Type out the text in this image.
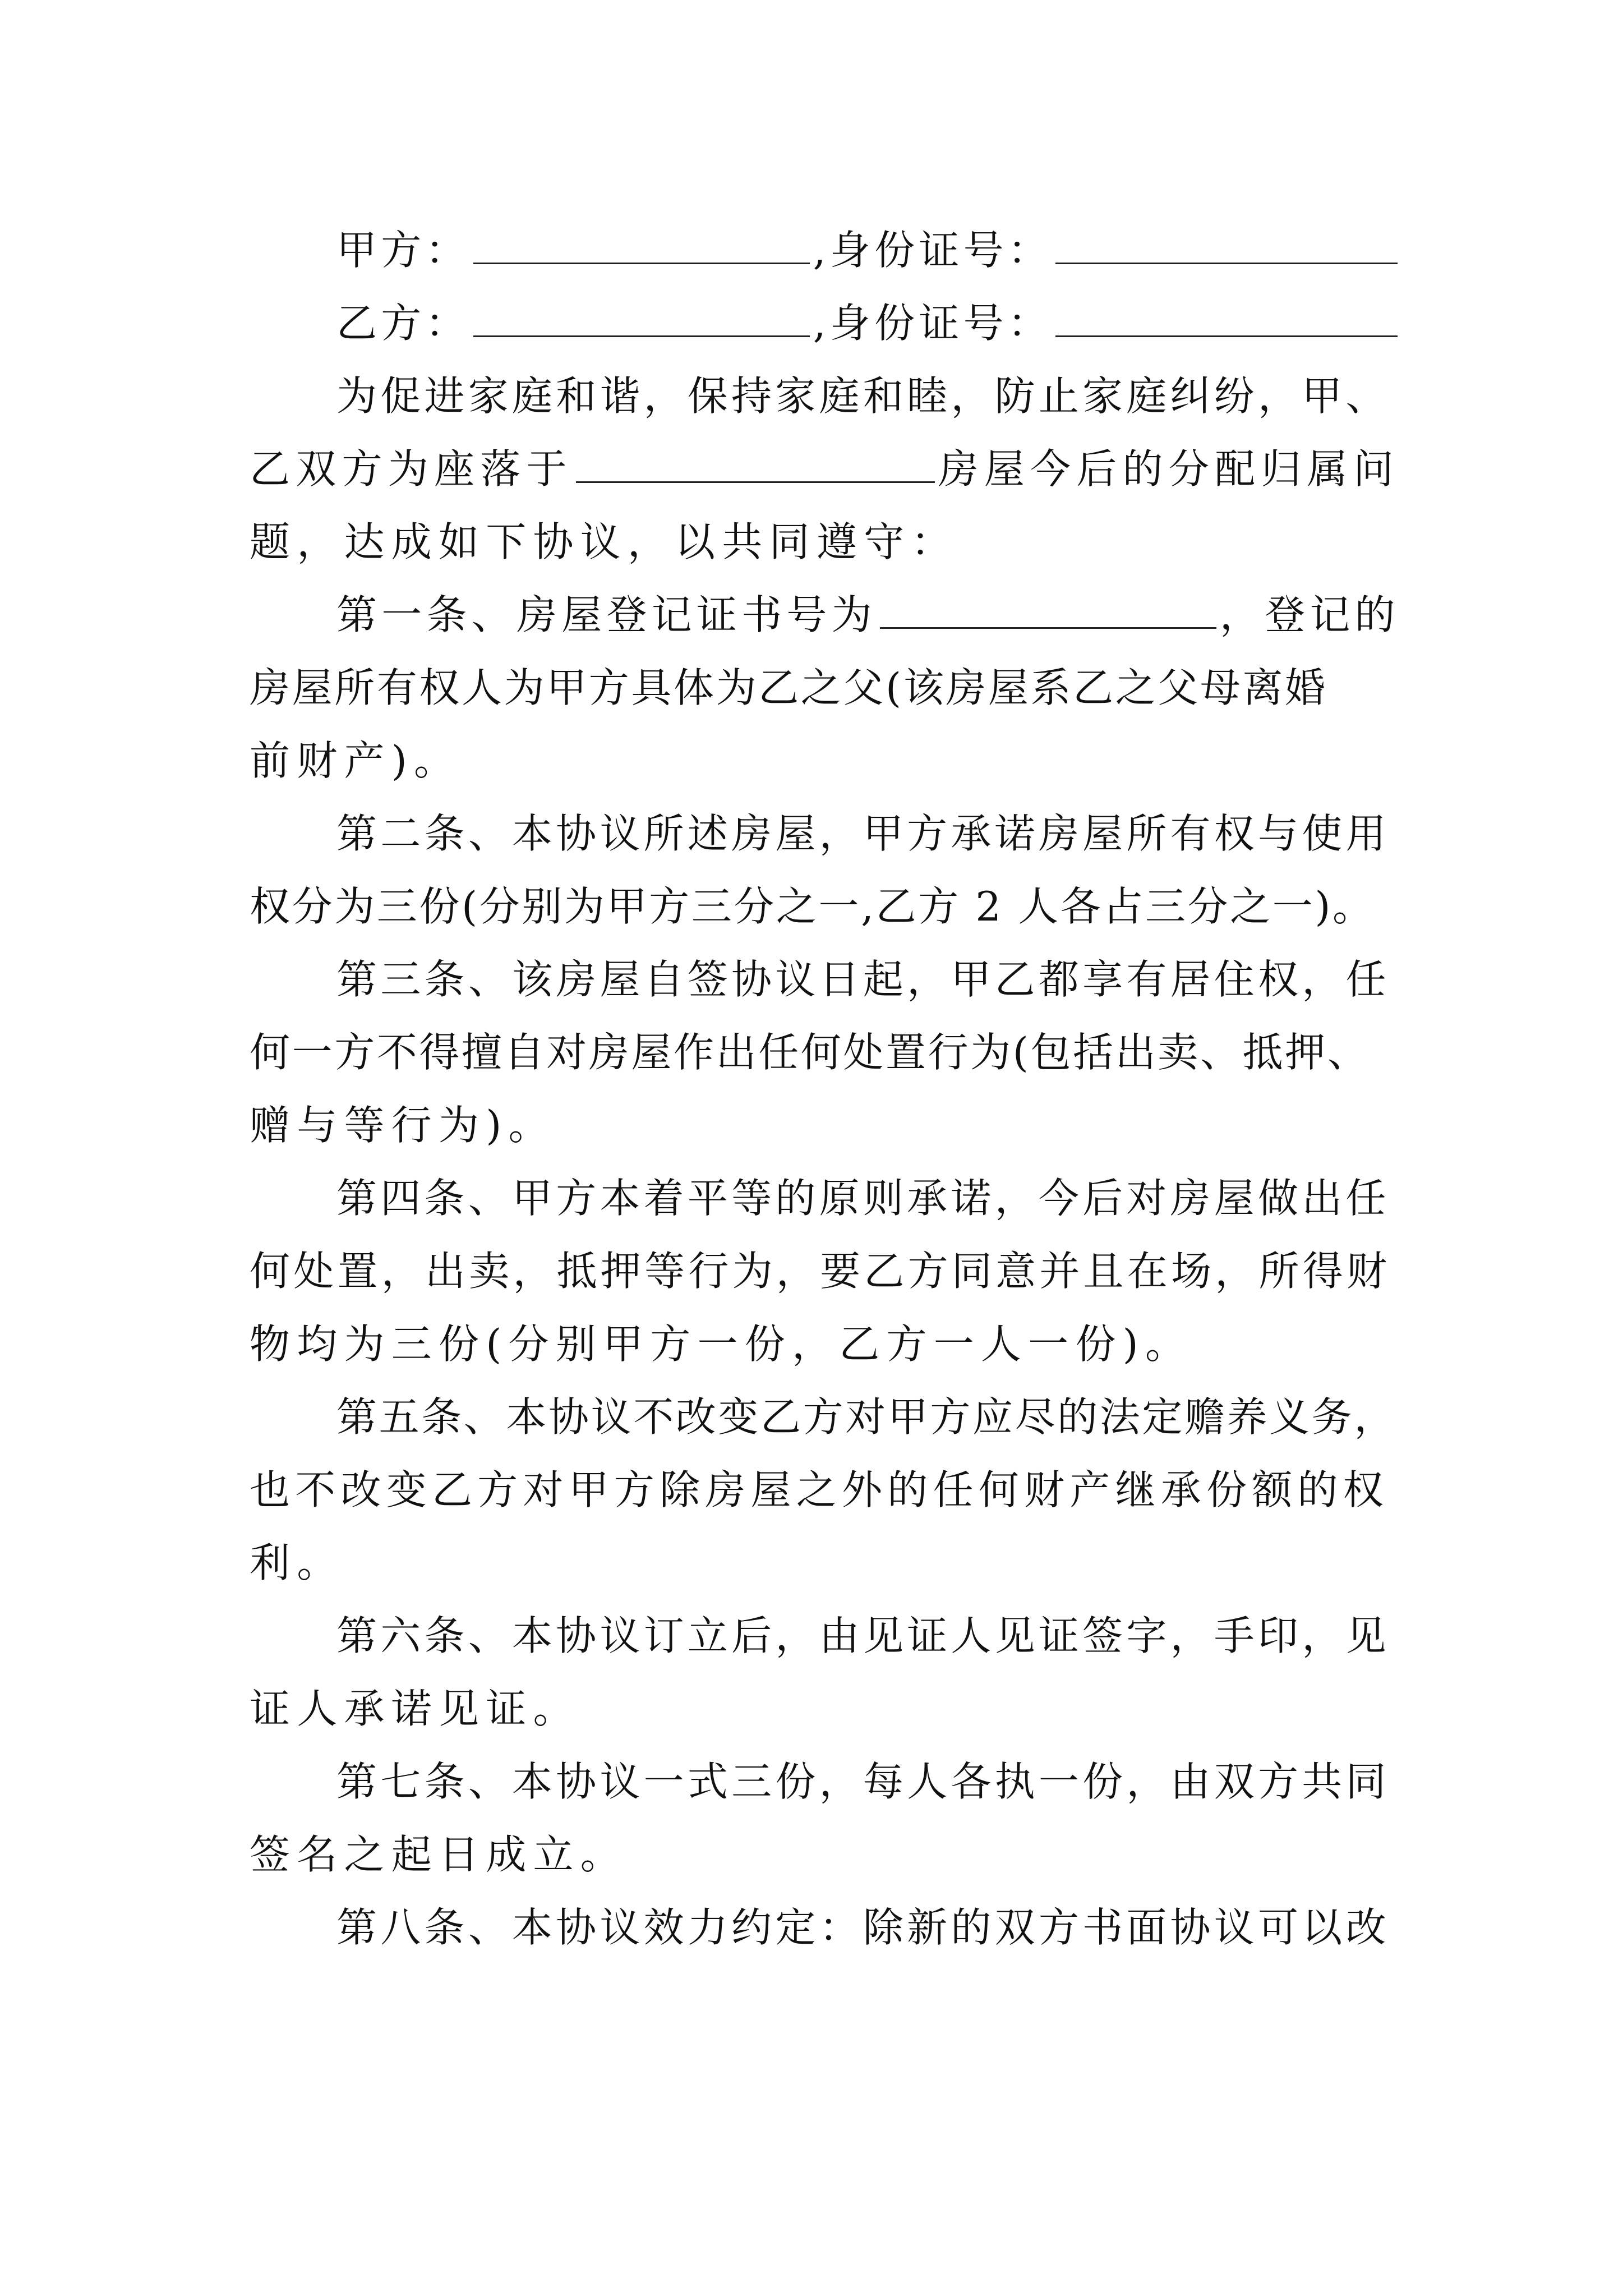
甲方：	,身份证号：

乙方：	,身份证号：

为促进家庭和谐，保持家庭和睦，防止家庭纠纷，甲、

乙双方为座落于	房屋今后的分配归属问

题，达成如下协议，以共同遵守：

第一条、房屋登记证书号为	，登记的

房屋所有权人为甲方具体为乙之父(该房屋系乙之父母离婚

前财产)。

第二条、本协议所述房屋，甲方承诺房屋所有权与使用

权分为三份(分别为甲方三分之一,乙方 2 人各占三分之一)。

第三条、该房屋自签协议日起，甲乙都享有居住权，任

何一方不得擅自对房屋作出任何处置行为(包括出卖、抵押、

赠与等行为)。

第四条、甲方本着平等的原则承诺，今后对房屋做出任

何处置，出卖，抵押等行为，要乙方同意并且在场，所得财

物均为三份(分别甲方一份，乙方一人一份)。

第五条、本协议不改变乙方对甲方应尽的法定赡养义务，

也不改变乙方对甲方除房屋之外的任何财产继承份额的权

利。

第六条、本协议订立后，由见证人见证签字，手印，见

证人承诺见证。

第七条、本协议一式三份，每人各执一份，由双方共同

签名之起日成立。

第八条、本协议效力约定：除新的双方书面协议可以改
